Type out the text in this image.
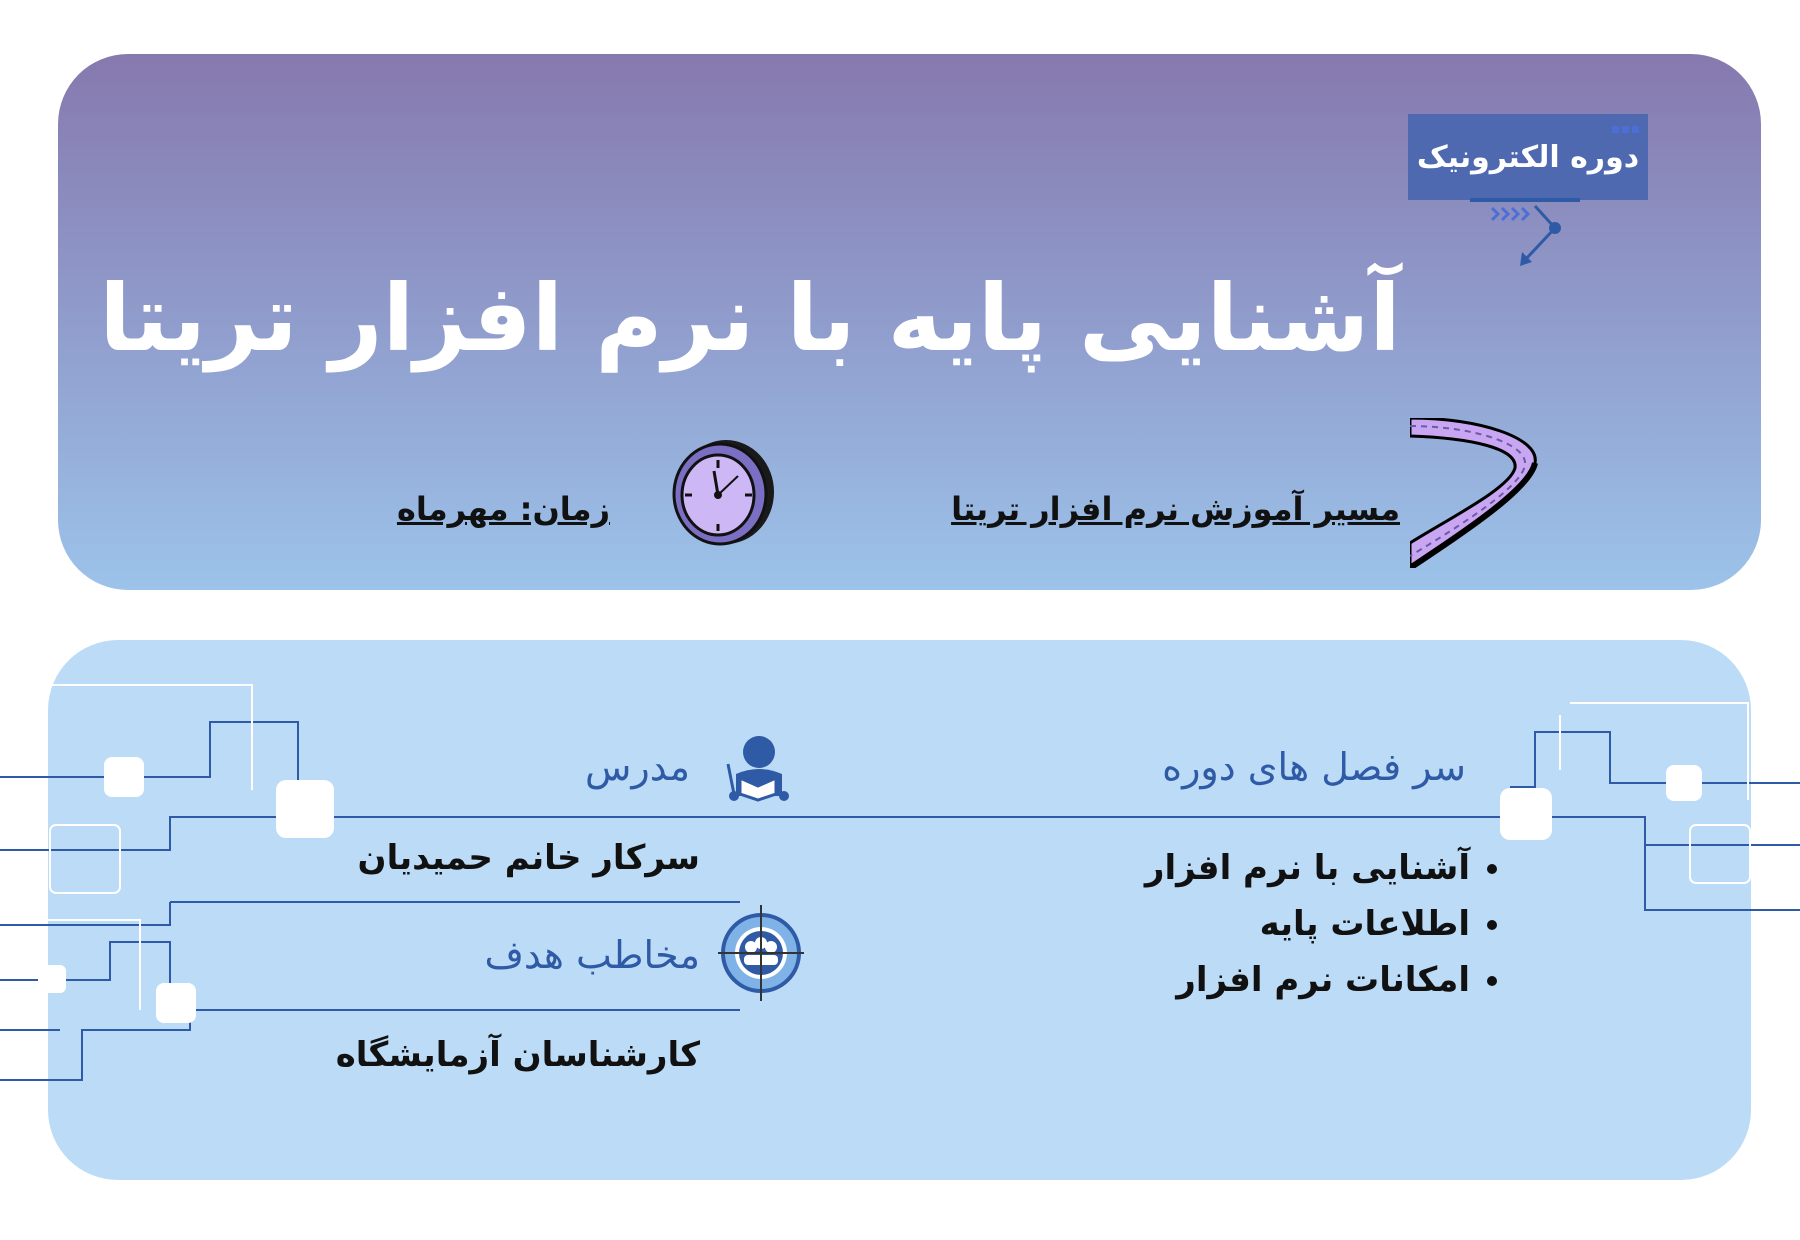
دوره الکترونیک
آشنایی پایه با نرم افزار تریتا
مسیر آموزش نرم افزار تریتا
زمان: مهرماه
سر فصل های دوره
• آشنایی با نرم افزار
• اطلاعات پایه
• امکانات نرم افزار
مدرس
سرکار خانم حمیدیان
مخاطب هدف
کارشناسان آزمایشگاه
